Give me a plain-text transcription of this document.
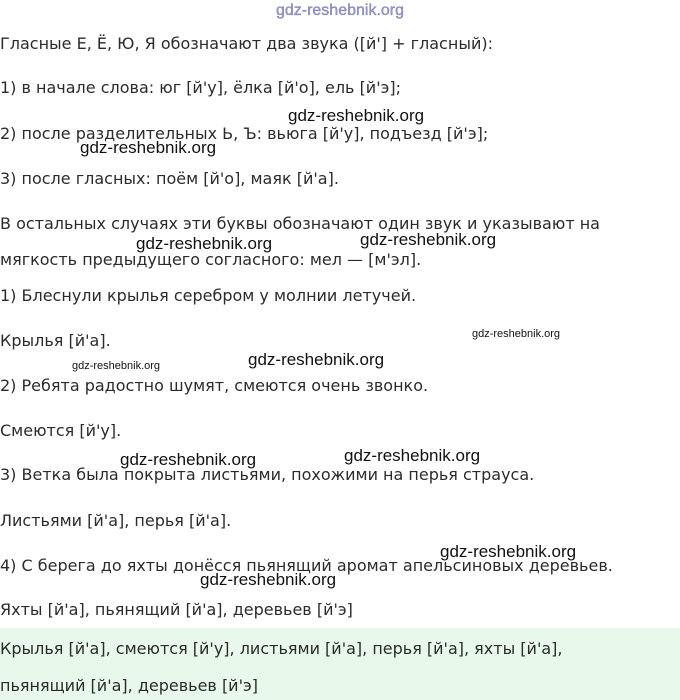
gdz-reshebnik.org
Гласные Е, Ё, Ю, Я обозначают два звука ([й'] + гласный):
1) в начале слова: юг [й'у], ёлка [й'о], ель [й'э];
2) после разделительных Ь, Ъ: вьюга [й'у], подъезд [й'э];
3) после гласных: поём [й'о], маяк [й'а].
В остальных случаях эти буквы обозначают один звук и указывают на
мягкость предыдущего согласного: мел — [м'эл].
1) Блеснули крылья серебром у молнии летучей.
Крылья [й'а].
2) Ребята радостно шумят, смеются очень звонко.
Смеются [й'у].
3) Ветка была покрыта листьями, похожими на перья страуса.
Листьями [й'а], перья [й'а].
4) С берега до яхты донёсся пьянящий аромат апельсиновых деревьев.
Яхты [й'а], пьянящий [й'а], деревьев [й'э]
Крылья [й'а], смеются [й'у], листьями [й'а], перья [й'а], яхты [й'а],
пьянящий [й'а], деревьев [й'э]
gdz-reshebnik.org
gdz-reshebnik.org
gdz-reshebnik.org	gdz-reshebnik.org
gdz-reshebnik.org
gdz-reshebnik.org
gdz-reshebnik.org
gdz-reshebnik.org
gdz-reshebnik.org
gdz-reshebnik.org
gdz-reshebnik.org
